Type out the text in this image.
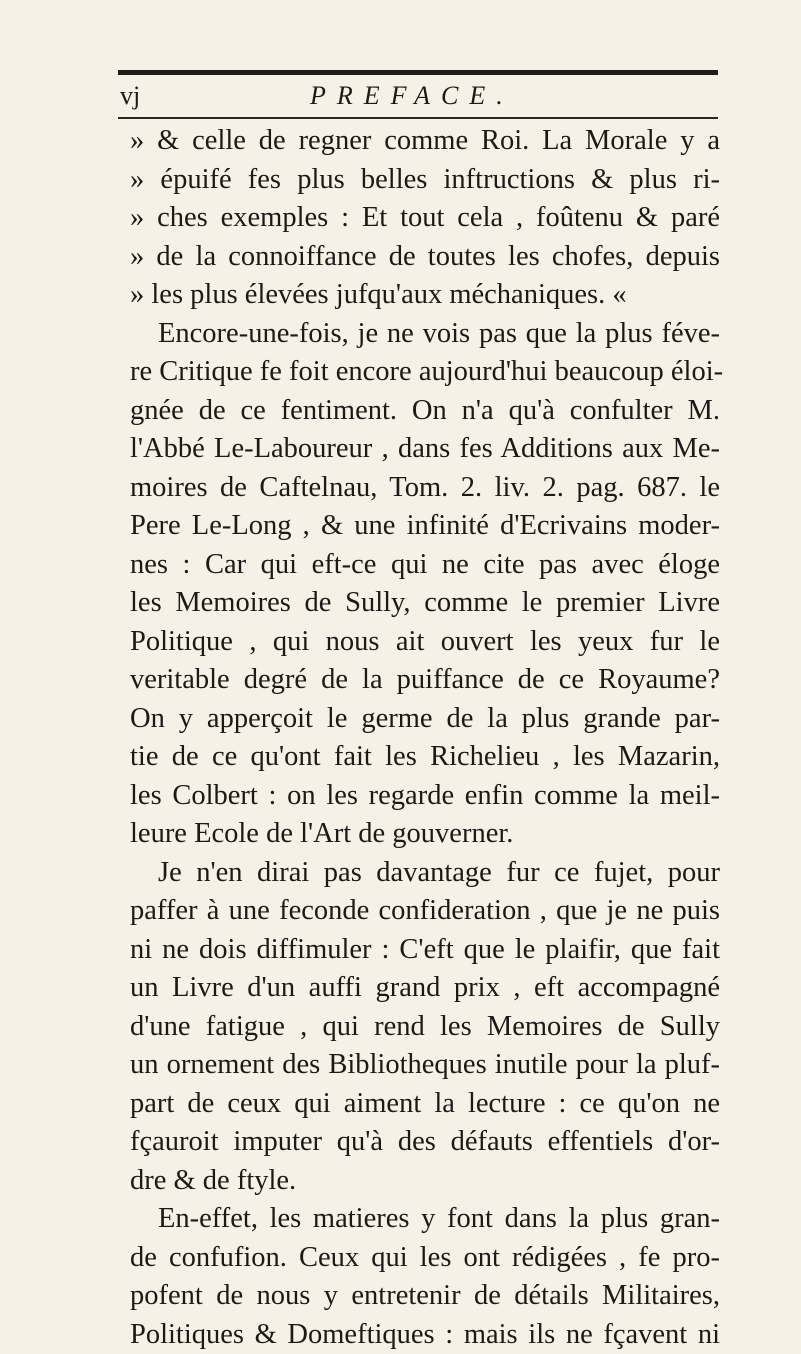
vj	PREFACE.
» & celle de regner comme Roi. La Morale y a
» épuifé fes plus belles inftructions & plus ri-
» ches exemples : Et tout cela , foûtenu & paré
» de la connoiffance de toutes les chofes, depuis
» les plus élevées jufqu'aux méchaniques. «
Encore-une-fois, je ne vois pas que la plus féve-
re Critique fe foit encore aujourd'hui beaucoup éloi-
gnée de ce fentiment. On n'a qu'à confulter M.
l'Abbé Le-Laboureur , dans fes Additions aux Me-
moires de Caftelnau, Tom. 2. liv. 2. pag. 687. le
Pere Le-Long , & une infinité d'Ecrivains moder-
nes : Car qui eft-ce qui ne cite pas avec éloge
les Memoires de Sully, comme le premier Livre
Politique , qui nous ait ouvert les yeux fur le
veritable degré de la puiffance de ce Royaume?
On y apperçoit le germe de la plus grande par-
tie de ce qu'ont fait les Richelieu , les Mazarin,
les Colbert : on les regarde enfin comme la meil-
leure Ecole de l'Art de gouverner.
Je n'en dirai pas davantage fur ce fujet, pour
paffer à une feconde confideration , que je ne puis
ni ne dois diffimuler : C'eft que le plaifir, que fait
un Livre d'un auffi grand prix , eft accompagné
d'une fatigue , qui rend les Memoires de Sully
un ornement des Bibliotheques inutile pour la pluf-
part de ceux qui aiment la lecture : ce qu'on ne
fçauroit imputer qu'à des défauts effentiels d'or-
dre & de ftyle.
En-effet, les matieres y font dans la plus gran-
de confufion. Ceux qui les ont rédigées , fe pro-
pofent de nous y entretenir de détails Militaires,
Politiques & Domeftiques : mais ils ne fçavent ni
